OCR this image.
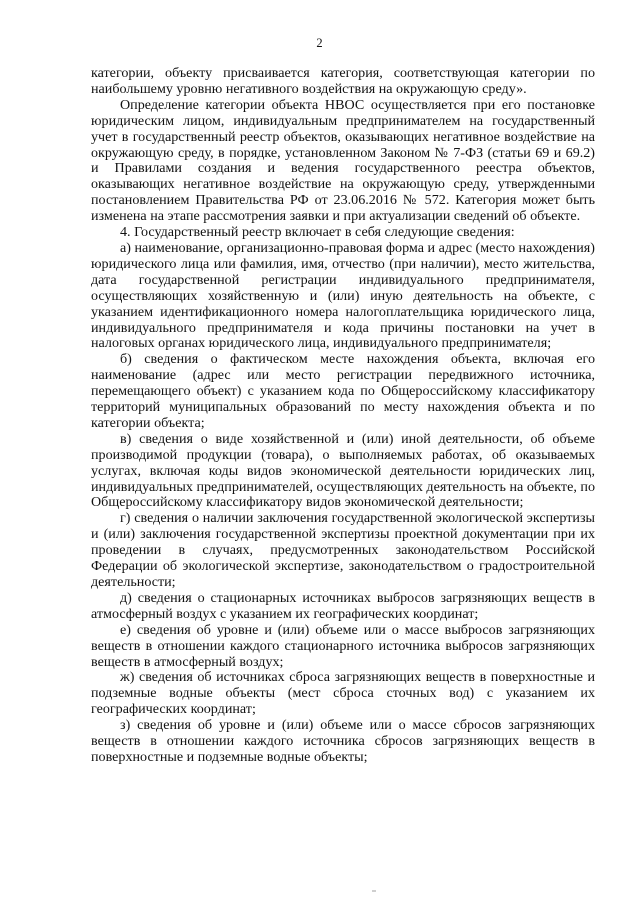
2

категории, объекту присваивается категория, соответствующая категории по наибольшему уровню негативного воздействия на окружающую среду».

Определение категории объекта НВОС осуществляется при его постановке юридическим лицом, индивидуальным предпринимателем на государственный учет в государственный реестр объектов, оказывающих негативное воздействие на окружающую среду, в порядке, установленном Законом № 7-ФЗ (статьи 69 и 69.2) и Правилами создания и ведения государственного реестра объектов, оказывающих негативное воздействие на окружающую среду, утвержденными постановлением Правительства РФ от 23.06.2016 № 572. Категория может быть изменена на этапе рассмотрения заявки и при актуализации сведений об объекте.

4. Государственный реестр включает в себя следующие сведения:

а) наименование, организационно-правовая форма и адрес (место нахождения) юридического лица или фамилия, имя, отчество (при наличии), место жительства, дата государственной регистрации индивидуального предпринимателя, осуществляющих хозяйственную и (или) иную деятельность на объекте, с указанием идентификационного номера налогоплательщика юридического лица, индивидуального предпринимателя и кода причины постановки на учет в налоговых органах юридического лица, индивидуального предпринимателя;

б) сведения о фактическом месте нахождения объекта, включая его наименование (адрес или место регистрации передвижного источника, перемещающего объект) с указанием кода по Общероссийскому классификатору территорий муниципальных образований по месту нахождения объекта и по категории объекта;

в) сведения о виде хозяйственной и (или) иной деятельности, об объеме производимой продукции (товара), о выполняемых работах, об оказываемых услугах, включая коды видов экономической деятельности юридических лиц, индивидуальных предпринимателей, осуществляющих деятельность на объекте, по Общероссийскому классификатору видов экономической деятельности;

г) сведения о наличии заключения государственной экологической экспертизы и (или) заключения государственной экспертизы проектной документации при их проведении в случаях, предусмотренных законодательством Российской Федерации об экологической экспертизе, законодательством о градостроительной деятельности;

д) сведения о стационарных источниках выбросов загрязняющих веществ в атмосферный воздух с указанием их географических координат;

е) сведения об уровне и (или) объеме или о массе выбросов загрязняющих веществ в отношении каждого стационарного источника выбросов загрязняющих веществ в атмосферный воздух;

ж) сведения об источниках сброса загрязняющих веществ в поверхностные и подземные водные объекты (мест сброса сточных вод) с указанием их географических координат;

з) сведения об уровне и (или) объеме или о массе сбросов загрязняющих веществ в отношении каждого источника сбросов загрязняющих веществ в поверхностные и подземные водные объекты;
